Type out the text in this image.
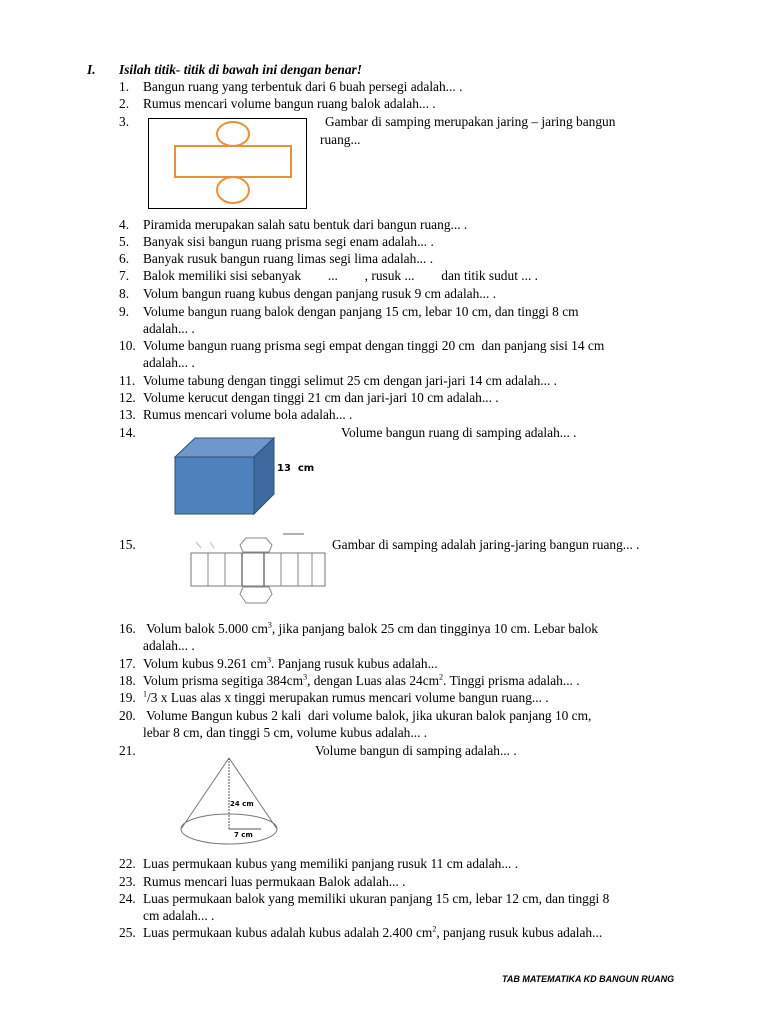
I. Isilah titik- titik di bawah ini dengan benar!
1.	Bangun ruang yang terbentuk dari 6 buah persegi adalah... .
2.	Rumus mencari volume bangun ruang balok adalah... .
3.	Gambar di samping merupakan jaring – jaring bangun
ruang...
4.	Piramida merupakan salah satu bentuk dari bangun ruang... .
5.	Banyak sisi bangun ruang prisma segi enam adalah... .
6.	Banyak rusuk bangun ruang limas segi lima adalah... .
7.	Balok memiliki sisi sebanyak        ...        , rusuk ...        dan titik sudut ... .
8.	Volum bangun ruang kubus dengan panjang rusuk 9 cm adalah... .
9.	Volume bangun ruang balok dengan panjang 15 cm, lebar 10 cm, dan tinggi 8 cm
adalah... .
10. Volume bangun ruang prisma segi empat dengan tinggi 20 cm  dan panjang sisi 14 cm
adalah... .
11. Volume tabung dengan tinggi selimut 25 cm dengan jari-jari 14 cm adalah... .
12. Volume kerucut dengan tinggi 21 cm dan jari-jari 10 cm adalah... .
13. Rumus mencari volume bola adalah... .
14.	Volume bangun ruang di samping adalah... .
13  cm
15.	Gambar di samping adalah jaring-jaring bangun ruang... .
16. Volum balok 5.000 $cm^3$, jika panjang balok 25 cm dan tingginya 10 cm. Lebar balok
adalah... .
17. Volum kubus 9.261 $cm^3$. Panjang rusuk kubus adalah...
18. Volum prisma segitiga $384cm^3$, dengan Luas alas $24cm^2$. Tinggi prisma adalah... .
19. $^1$/3 x Luas alas x tinggi merupakan rumus mencari volume bangun ruang... .
20. Volume Bangun kubus 2 kali  dari volume balok, jika ukuran balok panjang 10 cm,
lebar 8 cm, dan tinggi 5 cm, volume kubus adalah... .
21.	Volume bangun di samping adalah... .
24 cm
7 cm
22. Luas permukaan kubus yang memiliki panjang rusuk 11 cm adalah... .
23. Rumus mencari luas permukaan Balok adalah... .
24. Luas permukaan balok yang memiliki ukuran panjang 15 cm, lebar 12 cm, dan tinggi 8
cm adalah... .
25. Luas permukaan kubus adalah kubus adalah 2.400 $cm^2$, panjang rusuk kubus adalah...
TAB MATEMATIKA KD BANGUN RUANG
